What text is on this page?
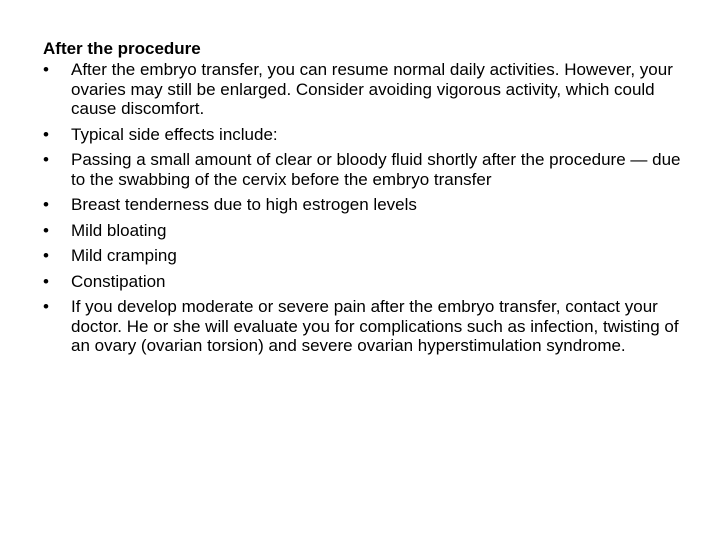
After the procedure

•	After the embryo transfer, you can resume normal daily activities. However, your ovaries may still be enlarged. Consider avoiding vigorous activity, which could cause discomfort.
•	Typical side effects include:
•	Passing a small amount of clear or bloody fluid shortly after the procedure — due to the swabbing of the cervix before the embryo transfer
•	Breast tenderness due to high estrogen levels
•	Mild bloating
•	Mild cramping
•	Constipation
•	If you develop moderate or severe pain after the embryo transfer, contact your doctor. He or she will evaluate you for complications such as infection, twisting of an ovary (ovarian torsion) and severe ovarian hyperstimulation syndrome.
